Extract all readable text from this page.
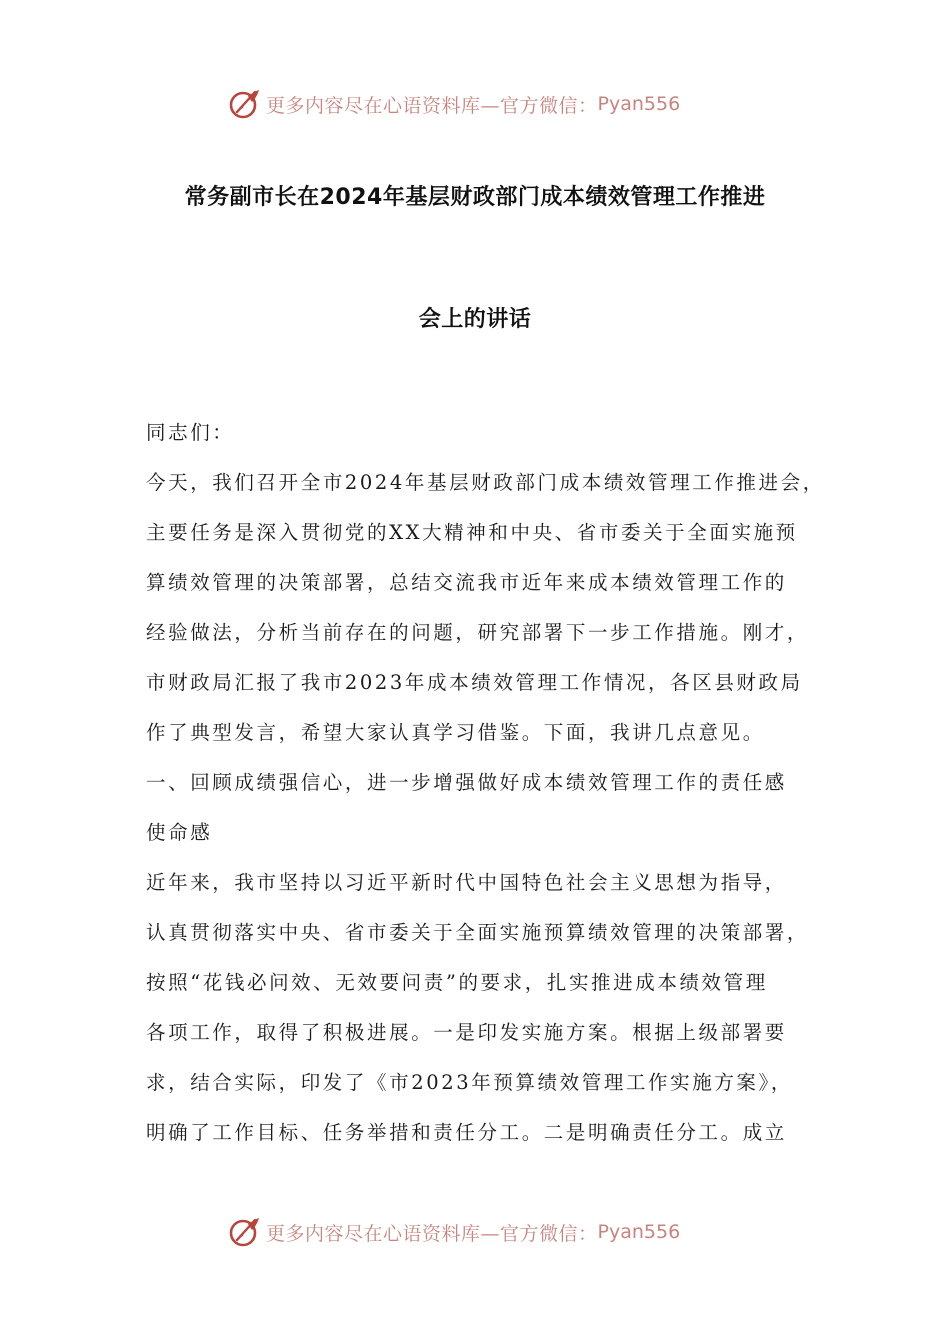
更多内容尽在心语资料库—官方微信： Pyan556
常务副市长在2024年基层财政部门成本绩效管理工作推进
会上的讲话
同志们：
今天，我们召开全市2024年基层财政部门成本绩效管理工作推进会，
主要任务是深入贯彻党的XX大精神和中央、省市委关于全面实施预
算绩效管理的决策部署，总结交流我市近年来成本绩效管理工作的
经验做法，分析当前存在的问题，研究部署下一步工作措施。刚才，
市财政局汇报了我市2023年成本绩效管理工作情况，各区县财政局
作了典型发言，希望大家认真学习借鉴。下面，我讲几点意见。
一、回顾成绩强信心，进一步增强做好成本绩效管理工作的责任感
使命感
近年来，我市坚持以习近平新时代中国特色社会主义思想为指导，
认真贯彻落实中央、省市委关于全面实施预算绩效管理的决策部署，
按照“花钱必问效、无效要问责”的要求，扎实推进成本绩效管理
各项工作，取得了积极进展。一是印发实施方案。根据上级部署要
求，结合实际，印发了《市2023年预算绩效管理工作实施方案》，
明确了工作目标、任务举措和责任分工。二是明确责任分工。成立
更多内容尽在心语资料库—官方微信： Pyan556
